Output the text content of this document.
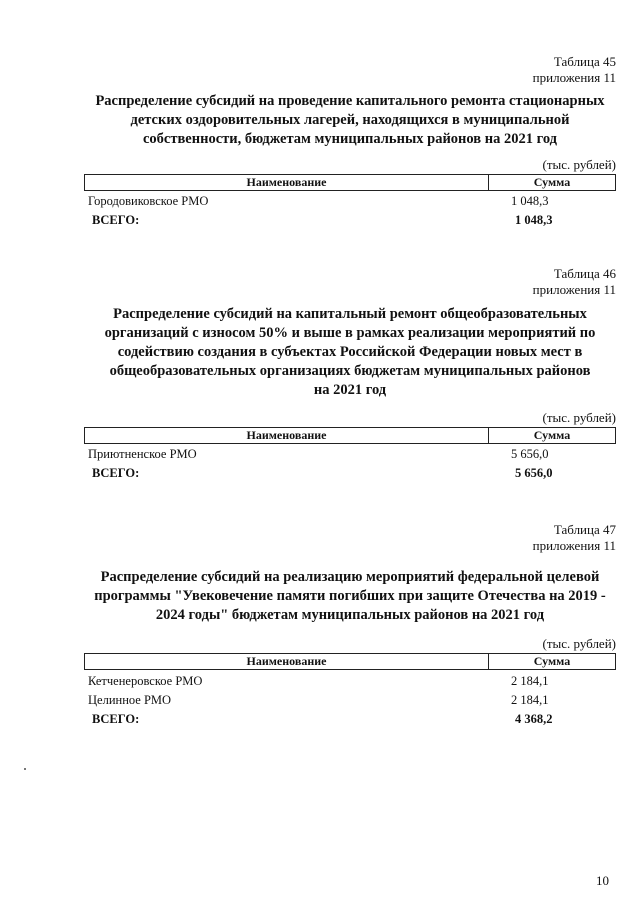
Таблица 45
приложения 11
Распределение субсидий на проведение капитального ремонта стационарных детских оздоровительных лагерей, находящихся в муниципальной собственности, бюджетам муниципальных районов на 2021 год
(тыс. рублей)
Наименование	Сумма
Городовиковское РМО	1 048,3
ВСЕГО:	1 048,3
Таблица 46
приложения 11
Распределение субсидий на капитальный ремонт общеобразовательных организаций с износом 50% и выше в рамках реализации мероприятий по содействию создания в субъектах Российской Федерации новых мест в общеобразовательных организациях бюджетам муниципальных районов на 2021 год
(тыс. рублей)
Наименование	Сумма
Приютненское РМО	5 656,0
ВСЕГО:	5 656,0
Таблица 47
приложения 11
Распределение субсидий на реализацию мероприятий федеральной целевой программы "Увековечение памяти погибших при защите Отечества на 2019 - 2024 годы" бюджетам муниципальных районов на 2021 год
(тыс. рублей)
Наименование	Сумма
Кетченеровское РМО	2 184,1
Целинное РМО	2 184,1
ВСЕГО:	4 368,2
10
